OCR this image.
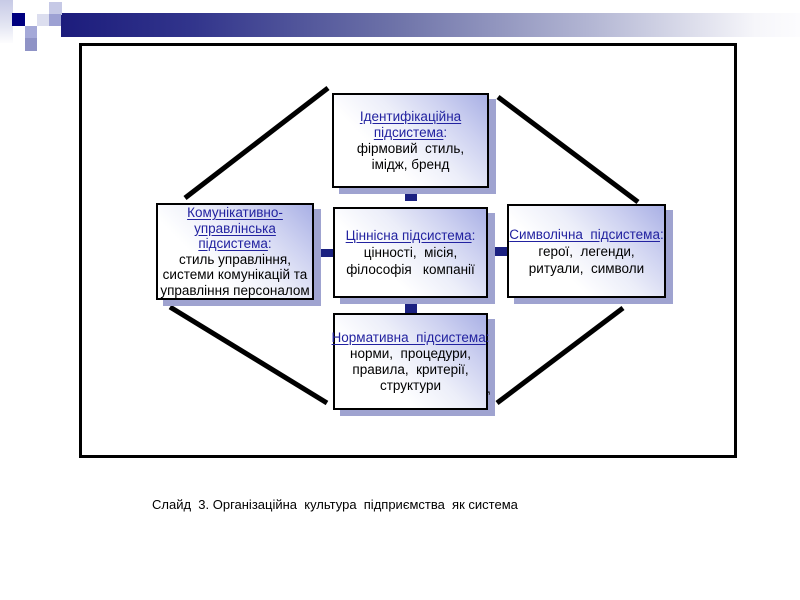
Ідентифікаційна
підсистема:
фірмовий  стиль,
імідж, бренд
Комунікативно-
управлінська
підсистема:
стиль управління,
системи комунікацій та
управління персоналом
Ціннісна підсистема:
цінності,  місія,
філософія   компанії
Символічна  підсистема:
герої,  легенди,
ритуали,  символи
Нормативна  підсистема:
норми,  процедури,
правила,  критерії,
структури	,
Слайд  3. Організаційна  культура  підприємства  як система
